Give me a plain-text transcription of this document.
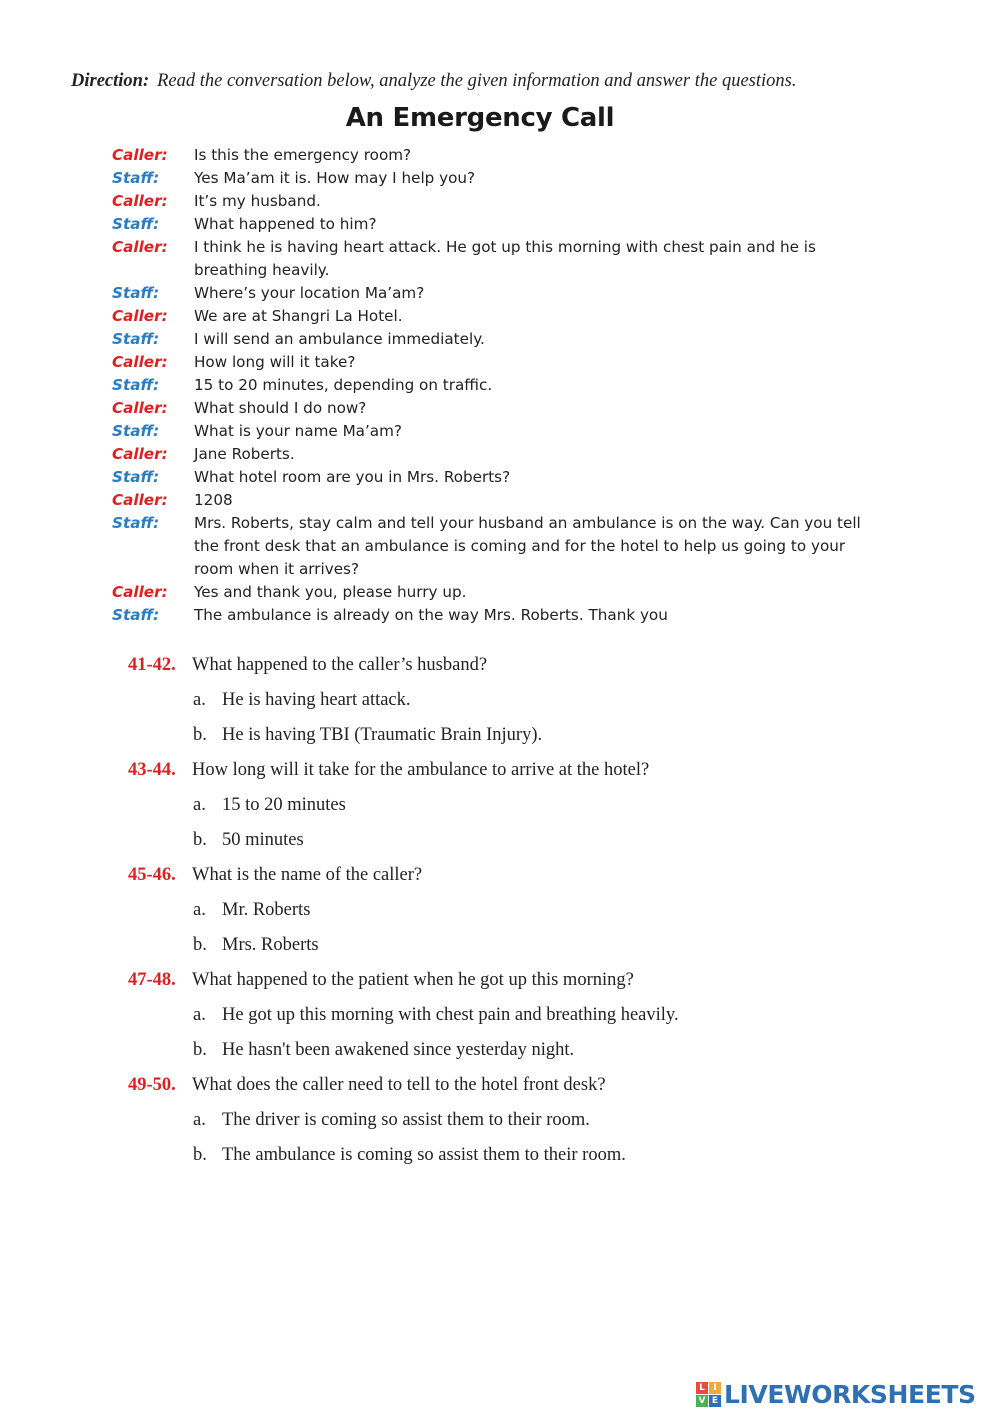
Direction: Read the conversation below, analyze the given information and answer the questions.
An Emergency Call
Caller:	Is this the emergency room?
Staff:	Yes Ma’am it is. How may I help you?
Caller:	It’s my husband.
Staff:	What happened to him?
Caller:	I think he is having heart attack. He got up this morning with chest pain and he is breathing heavily.
Staff:	Where’s your location Ma’am?
Caller:	We are at Shangri La Hotel.
Staff:	I will send an ambulance immediately.
Caller:	How long will it take?
Staff:	15 to 20 minutes, depending on traffic.
Caller:	What should I do now?
Staff:	What is your name Ma’am?
Caller:	Jane Roberts.
Staff:	What hotel room are you in Mrs. Roberts?
Caller:	1208
Staff:	Mrs. Roberts, stay calm and tell your husband an ambulance is on the way. Can you tell the front desk that an ambulance is coming and for the hotel to help us going to your room when it arrives?
Caller:	Yes and thank you, please hurry up.
Staff:	The ambulance is already on the way Mrs. Roberts. Thank you
41-42. What happened to the caller’s husband?
a. He is having heart attack.
b. He is having TBI (Traumatic Brain Injury).
43-44. How long will it take for the ambulance to arrive at the hotel?
a. 15 to 20 minutes
b. 50 minutes
45-46. What is the name of the caller?
a. Mr. Roberts
b. Mrs. Roberts
47-48. What happened to the patient when he got up this morning?
a. He got up this morning with chest pain and breathing heavily.
b. He hasn't been awakened since yesterday night.
49-50. What does the caller need to tell to the hotel front desk?
a. The driver is coming so assist them to their room.
b. The ambulance is coming so assist them to their room.
L I
V E LIVEWORKSHEETS
